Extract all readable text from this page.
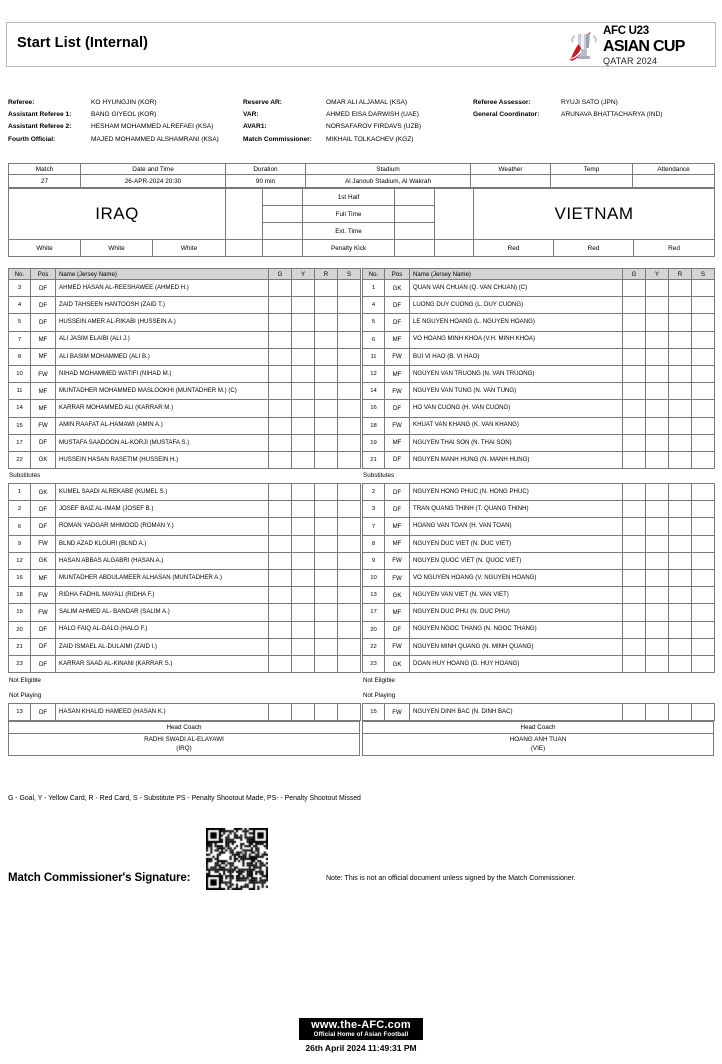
Start List (Internal)
AFC U23
ASIAN CUP
QATAR 2024
Referee:	KO HYUNGJIN (KOR)
Assistant Referee 1:	BANG GIYEOL (KOR)
Assistant Referee 2:	HESHAM MOHAMMED ALREFAEI (KSA)
Fourth Official:	MAJED MOHAMMED ALSHAMRANI (KSA)
Reserve AR:	OMAR ALI ALJAMAL (KSA)
VAR:	AHMED EISA DARWISH (UAE)
AVAR1:	NORSAFAROV FIRDAVS (UZB)
Match Commissioner:	MIKHAIL TOLKACHEV (KGZ)
Referee Assessor:	RYUJI SATO (JPN)
General Coordinator:	ARUNAVA BHATTACHARYA (IND)
Match	Date and Time	Duration	Stadium	Weather	Temp	Attendance
27	26-APR-2024 20:30	90 min	Al Janoub Stadium, Al Wakrah			
IRAQ					1st Half			VIETNAM		
					Full Time					
					Ext. Time					
White	White	White			Penalty Kick			Red	Red	Red
No.	Pos	Name (Jersey Name)	G	Y	R	S
3	DF	AHMED HASAN AL-REESHAWEE (AHMED H.)				
4	DF	ZAID TAHSEEN HANTOOSH (ZAID T.)				
5	DF	HUSSEIN AMER AL-RIKABI (HUSSEIN A.)				
7	MF	ALI JASIM ELAIBI (ALI J.)				
8	MF	ALI BASIM MOHAMMED (ALI B.)				
10	FW	NIHAD MOHAMMED WATIFI (NIHAD M.)				
11	MF	MUNTADHER MOHAMMED MASLOOKHI (MUNTADHER M.) (C)				
14	MF	KARRAR MOHAMMED ALI (KARRAR M.)				
15	FW	AMIN RAAFAT AL-HAMAWI (AMIN A.)				
17	DF	MUSTAFA SAADOON AL-KORJI (MUSTAFA S.)				
22	GK	HUSSEIN HASAN RASETIM (HUSSEIN H.)				
Substitutes
1	GK	KUMEL SAADI ALREKABE (KUMEL S.)				
2	DF	JOSEF BAIZ AL-IMAM (JOSEF B.)				
6	DF	ROMAN YADGAR MHMOOD (ROMAN Y.)				
9	FW	BLND AZAD KLOURI (BLND A.)				
12	GK	HASAN ABBAS ALGABRI (HASAN A.)				
16	MF	MUNTADHER ABDULAMEER ALHASAN (MUNTADHER A.)				
18	FW	RIDHA FADHIL MAYALI (RIDHA F.)				
19	FW	SALIM AHMED AL- BANDAR (SALIM A.)				
20	DF	HALO FAIQ AL-DALO (HALO F.)				
21	DF	ZAID ISMAEL AL-DULAIMI (ZAID I.)				
23	DF	KARRAR SAAD AL-KINANI (KARRAR S.)				
Not Eligible
Not Playing
13	DF	HASAN KHALID HAMEED (HASAN K.)				
Head Coach
RADHI SWADI AL-ELAYAWI
(IRQ)
No.	Pos	Name (Jersey Name)	G	Y	R	S
1	GK	QUAN VAN CHUAN (Q. VAN CHUAN) (C)				
4	DF	LUONG DUY CUONG (L. DUY CUONG)				
5	DF	LE NGUYEN HOANG (L. NGUYEN HOANG)				
6	MF	VO HOANG MINH KHOA (V.H. MINH KHOA)				
11	FW	BUI VI HAO (B. VI HAO)				
12	MF	NGUYEN VAN TRUONG (N. VAN TRUONG)				
14	FW	NGUYEN VAN TUNG (N. VAN TUNG)				
16	DF	HO VAN CUONG (H. VAN CUONG)				
18	FW	KHUAT VAN KHANG (K. VAN KHANG)				
19	MF	NGUYEN THAI SON (N. THAI SON)				
21	DF	NGUYEN MANH HUNG (N. MANH HUNG)				
Substitutes
2	DF	NGUYEN HONG PHUC (N. HONG PHUC)				
3	DF	TRAN QUANG THINH (T. QUANG THINH)				
7	MF	HOANG VAN TOAN (H. VAN TOAN)				
8	MF	NGUYEN DUC VIET (N. DUC VIET)				
9	FW	NGUYEN QUOC VIET (N. QUOC VIET)				
10	FW	VO NGUYEN HOANG (V. NGUYEN HOANG)				
13	GK	NGUYEN VAN VIET (N. VAN VIET)				
17	MF	NGUYEN DUC PHU (N. DUC PHU)				
20	DF	NGUYEN NGOC THANG (N. NGOC THANG)				
22	FW	NGUYEN MINH QUANG (N. MINH QUANG)				
23	GK	DOAN HUY HOANG (D. HUY HOANG)				
Not Eligible
Not Playing
15	FW	NGUYEN DINH BAC (N. DINH BAC)				
Head Coach
HOANG ANH TUAN
(VIE)
G - Goal, Y - Yellow Card, R - Red Card, S - Substitute PS - Penalty Shootout Made, PS- - Penalty Shootout Missed
Match Commissioner's Signature:	Note: This is not an official document unless signed by the Match Commissioner.
www.the-AFC.com
Official Home of Asian Football
26th April 2024 11:49:31 PM
